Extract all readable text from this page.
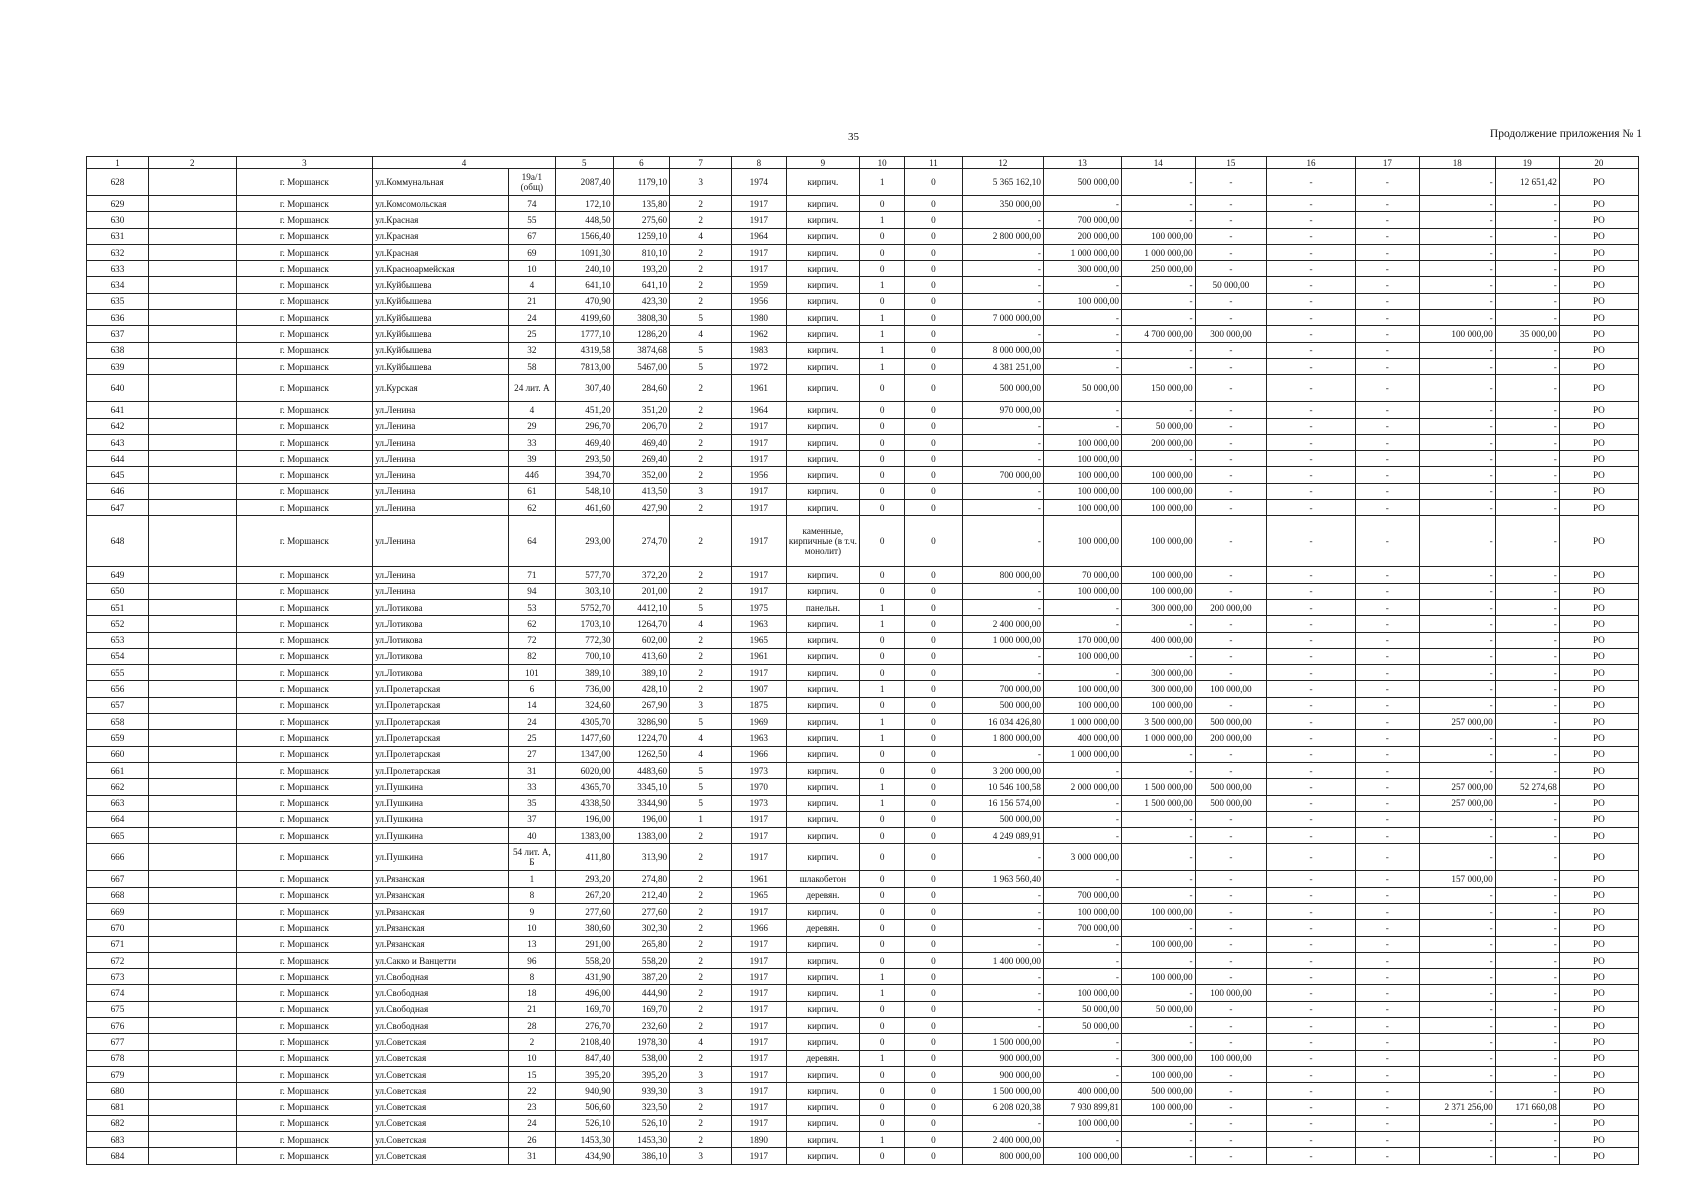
35	Продолжение приложения № 1
1	2	3	4		5	6	7	8	9	10	11	12	13	14	15	16	17	18	19	20
628		г. Моршанск	ул.Коммунальная	19а/1 (общ)	2087,40	1179,10	3	1974	кирпич.	1	0	5 365 162,10	500 000,00	-	-	-	-	-	12 651,42	РО
629		г. Моршанск	ул.Комсомольская	74	172,10	135,80	2	1917	кирпич.	0	0	350 000,00	-	-	-	-	-	-	-	РО
630		г. Моршанск	ул.Красная	55	448,50	275,60	2	1917	кирпич.	1	0	-	700 000,00	-	-	-	-	-	-	РО
631		г. Моршанск	ул.Красная	67	1566,40	1259,10	4	1964	кирпич.	0	0	2 800 000,00	200 000,00	100 000,00	-	-	-	-	-	РО
632		г. Моршанск	ул.Красная	69	1091,30	810,10	2	1917	кирпич.	0	0	-	1 000 000,00	1 000 000,00	-	-	-	-	-	РО
633		г. Моршанск	ул.Красноармейская	10	240,10	193,20	2	1917	кирпич.	0	0	-	300 000,00	250 000,00	-	-	-	-	-	РО
634		г. Моршанск	ул.Куйбышева	4	641,10	641,10	2	1959	кирпич.	1	0	-	-	-	50 000,00	-	-	-	-	РО
635		г. Моршанск	ул.Куйбышева	21	470,90	423,30	2	1956	кирпич.	0	0	-	100 000,00	-	-	-	-	-	-	РО
636		г. Моршанск	ул.Куйбышева	24	4199,60	3808,30	5	1980	кирпич.	1	0	7 000 000,00	-	-	-	-	-	-	-	РО
637		г. Моршанск	ул.Куйбышева	25	1777,10	1286,20	4	1962	кирпич.	1	0	-	-	4 700 000,00	300 000,00	-	-	100 000,00	35 000,00	РО
638		г. Моршанск	ул.Куйбышева	32	4319,58	3874,68	5	1983	кирпич.	1	0	8 000 000,00	-	-	-	-	-	-	-	РО
639		г. Моршанск	ул.Куйбышева	58	7813,00	5467,00	5	1972	кирпич.	1	0	4 381 251,00	-	-	-	-	-	-	-	РО
640		г. Моршанск	ул.Курская	24 лит. А	307,40	284,60	2	1961	кирпич.	0	0	500 000,00	50 000,00	150 000,00	-	-	-	-	-	РО
641		г. Моршанск	ул.Ленина	4	451,20	351,20	2	1964	кирпич.	0	0	970 000,00	-	-	-	-	-	-	-	РО
642		г. Моршанск	ул.Ленина	29	296,70	206,70	2	1917	кирпич.	0	0	-	-	50 000,00	-	-	-	-	-	РО
643		г. Моршанск	ул.Ленина	33	469,40	469,40	2	1917	кирпич.	0	0	-	100 000,00	200 000,00	-	-	-	-	-	РО
644		г. Моршанск	ул.Ленина	39	293,50	269,40	2	1917	кирпич.	0	0	-	100 000,00	-	-	-	-	-	-	РО
645		г. Моршанск	ул.Ленина	44б	394,70	352,00	2	1956	кирпич.	0	0	700 000,00	100 000,00	100 000,00	-	-	-	-	-	РО
646		г. Моршанск	ул.Ленина	61	548,10	413,50	3	1917	кирпич.	0	0	-	100 000,00	100 000,00	-	-	-	-	-	РО
647		г. Моршанск	ул.Ленина	62	461,60	427,90	2	1917	кирпич.	0	0	-	100 000,00	100 000,00	-	-	-	-	-	РО
648		г. Моршанск	ул.Ленина	64	293,00	274,70	2	1917	каменные, кирпичные (в т.ч. монолит)	0	0	-	100 000,00	100 000,00	-	-	-	-	-	РО
649		г. Моршанск	ул.Ленина	71	577,70	372,20	2	1917	кирпич.	0	0	800 000,00	70 000,00	100 000,00	-	-	-	-	-	РО
650		г. Моршанск	ул.Ленина	94	303,10	201,00	2	1917	кирпич.	0	0	-	100 000,00	100 000,00	-	-	-	-	-	РО
651		г. Моршанск	ул.Лотикова	53	5752,70	4412,10	5	1975	панельн.	1	0	-	-	300 000,00	200 000,00	-	-	-	-	РО
652		г. Моршанск	ул.Лотикова	62	1703,10	1264,70	4	1963	кирпич.	1	0	2 400 000,00	-	-	-	-	-	-	-	РО
653		г. Моршанск	ул.Лотикова	72	772,30	602,00	2	1965	кирпич.	0	0	1 000 000,00	170 000,00	400 000,00	-	-	-	-	-	РО
654		г. Моршанск	ул.Лотикова	82	700,10	413,60	2	1961	кирпич.	0	0	-	100 000,00	-	-	-	-	-	-	РО
655		г. Моршанск	ул.Лотикова	101	389,10	389,10	2	1917	кирпич.	0	0	-	-	300 000,00	-	-	-	-	-	РО
656		г. Моршанск	ул.Пролетарская	6	736,00	428,10	2	1907	кирпич.	1	0	700 000,00	100 000,00	300 000,00	100 000,00	-	-	-	-	РО
657		г. Моршанск	ул.Пролетарская	14	324,60	267,90	3	1875	кирпич.	0	0	500 000,00	100 000,00	100 000,00	-	-	-	-	-	РО
658		г. Моршанск	ул.Пролетарская	24	4305,70	3286,90	5	1969	кирпич.	1	0	16 034 426,80	1 000 000,00	3 500 000,00	500 000,00	-	-	257 000,00	-	РО
659		г. Моршанск	ул.Пролетарская	25	1477,60	1224,70	4	1963	кирпич.	1	0	1 800 000,00	400 000,00	1 000 000,00	200 000,00	-	-	-	-	РО
660		г. Моршанск	ул.Пролетарская	27	1347,00	1262,50	4	1966	кирпич.	0	0	-	1 000 000,00	-	-	-	-	-	-	РО
661		г. Моршанск	ул.Пролетарская	31	6020,00	4483,60	5	1973	кирпич.	0	0	3 200 000,00	-	-	-	-	-	-	-	РО
662		г. Моршанск	ул.Пушкина	33	4365,70	3345,10	5	1970	кирпич.	1	0	10 546 100,58	2 000 000,00	1 500 000,00	500 000,00	-	-	257 000,00	52 274,68	РО
663		г. Моршанск	ул.Пушкина	35	4338,50	3344,90	5	1973	кирпич.	1	0	16 156 574,00	-	1 500 000,00	500 000,00	-	-	257 000,00	-	РО
664		г. Моршанск	ул.Пушкина	37	196,00	196,00	1	1917	кирпич.	0	0	500 000,00	-	-	-	-	-	-	-	РО
665		г. Моршанск	ул.Пушкина	40	1383,00	1383,00	2	1917	кирпич.	0	0	4 249 089,91	-	-	-	-	-	-	-	РО
666		г. Моршанск	ул.Пушкина	54 лит. А, Б	411,80	313,90	2	1917	кирпич.	0	0	-	3 000 000,00	-	-	-	-	-	-	РО
667		г. Моршанск	ул.Рязанская	1	293,20	274,80	2	1961	шлакобетон	0	0	1 963 560,40	-	-	-	-	-	157 000,00	-	РО
668		г. Моршанск	ул.Рязанская	8	267,20	212,40	2	1965	деревян.	0	0	-	700 000,00	-	-	-	-	-	-	РО
669		г. Моршанск	ул.Рязанская	9	277,60	277,60	2	1917	кирпич.	0	0	-	100 000,00	100 000,00	-	-	-	-	-	РО
670		г. Моршанск	ул.Рязанская	10	380,60	302,30	2	1966	деревян.	0	0	-	700 000,00	-	-	-	-	-	-	РО
671		г. Моршанск	ул.Рязанская	13	291,00	265,80	2	1917	кирпич.	0	0	-	-	100 000,00	-	-	-	-	-	РО
672		г. Моршанск	ул.Сакко и Ванцетти	96	558,20	558,20	2	1917	кирпич.	0	0	1 400 000,00	-	-	-	-	-	-	-	РО
673		г. Моршанск	ул.Свободная	8	431,90	387,20	2	1917	кирпич.	1	0	-	-	100 000,00	-	-	-	-	-	РО
674		г. Моршанск	ул.Свободная	18	496,00	444,90	2	1917	кирпич.	1	0	-	100 000,00	-	100 000,00	-	-	-	-	РО
675		г. Моршанск	ул.Свободная	21	169,70	169,70	2	1917	кирпич.	0	0	-	50 000,00	50 000,00	-	-	-	-	-	РО
676		г. Моршанск	ул.Свободная	28	276,70	232,60	2	1917	кирпич.	0	0	-	50 000,00	-	-	-	-	-	-	РО
677		г. Моршанск	ул.Советская	2	2108,40	1978,30	4	1917	кирпич.	0	0	1 500 000,00	-	-	-	-	-	-	-	РО
678		г. Моршанск	ул.Советская	10	847,40	538,00	2	1917	деревян.	1	0	900 000,00	-	300 000,00	100 000,00	-	-	-	-	РО
679		г. Моршанск	ул.Советская	15	395,20	395,20	3	1917	кирпич.	0	0	900 000,00	-	100 000,00	-	-	-	-	-	РО
680		г. Моршанск	ул.Советская	22	940,90	939,30	3	1917	кирпич.	0	0	1 500 000,00	400 000,00	500 000,00	-	-	-	-	-	РО
681		г. Моршанск	ул.Советская	23	506,60	323,50	2	1917	кирпич.	0	0	6 208 020,38	7 930 899,81	100 000,00	-	-	-	2 371 256,00	171 660,08	РО
682		г. Моршанск	ул.Советская	24	526,10	526,10	2	1917	кирпич.	0	0	-	100 000,00	-	-	-	-	-	-	РО
683		г. Моршанск	ул.Советская	26	1453,30	1453,30	2	1890	кирпич.	1	0	2 400 000,00	-	-	-	-	-	-	-	РО
684		г. Моршанск	ул.Советская	31	434,90	386,10	3	1917	кирпич.	0	0	800 000,00	100 000,00	-	-	-	-	-	-	РО
